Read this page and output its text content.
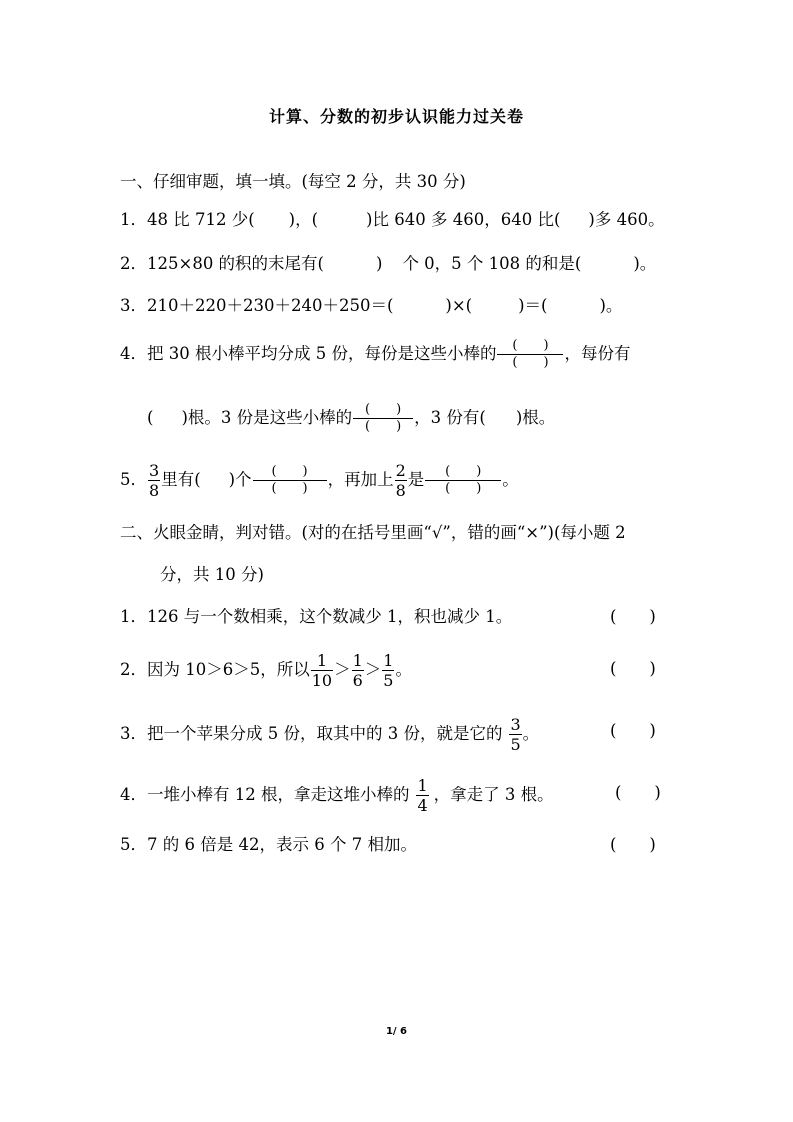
计算、分数的初步认识能力过关卷
一、仔细审题，填一填。(每空 2 分，共 30 分)
1．48 比 712 少( )，(	)比 640 多 460，640 比( )多 460。
2．125×80 的积的末尾有(	) 个 0，5 个 108 的和是(	)。
3．210＋220＋230＋240＋250＝(	)×(	)＝(	)。
4．把 30 根小棒平均分成 5 份，每份是这些小棒的 $\frac{( )}{( )}$ ，每份有
( )根。3 份是这些小棒的 $\frac{( )}{( )}$ ，3 份有( )根。
5． $\frac{3}{8}$ 里有( )个 $\frac{( )}{( )}$ ，再加上 $\frac{2}{8}$ 是 $\frac{( )}{( )}$ 。
二、火眼金睛，判对错。(对的在括号里画“√”，错的画“×”)(每小题 2
分，共 10 分)
1．126 与一个数相乘，这个数减少 1，积也减少 1。	(  )
2．因为 10＞6＞5，所以 $\frac{1}{10} > \frac{1}{6} > \frac{1}{5}$ 。	(  )
3．把一个苹果分成 5 份，取其中的 3 份，就是它的 $\frac{3}{5}$ 。	(  )
4．一堆小棒有 12 根，拿走这堆小棒的 $\frac{1}{4}$ ，拿走了 3 根。	(  )
5．7 的 6 倍是 42，表示 6 个 7 相加。	(  )
1/ 6
